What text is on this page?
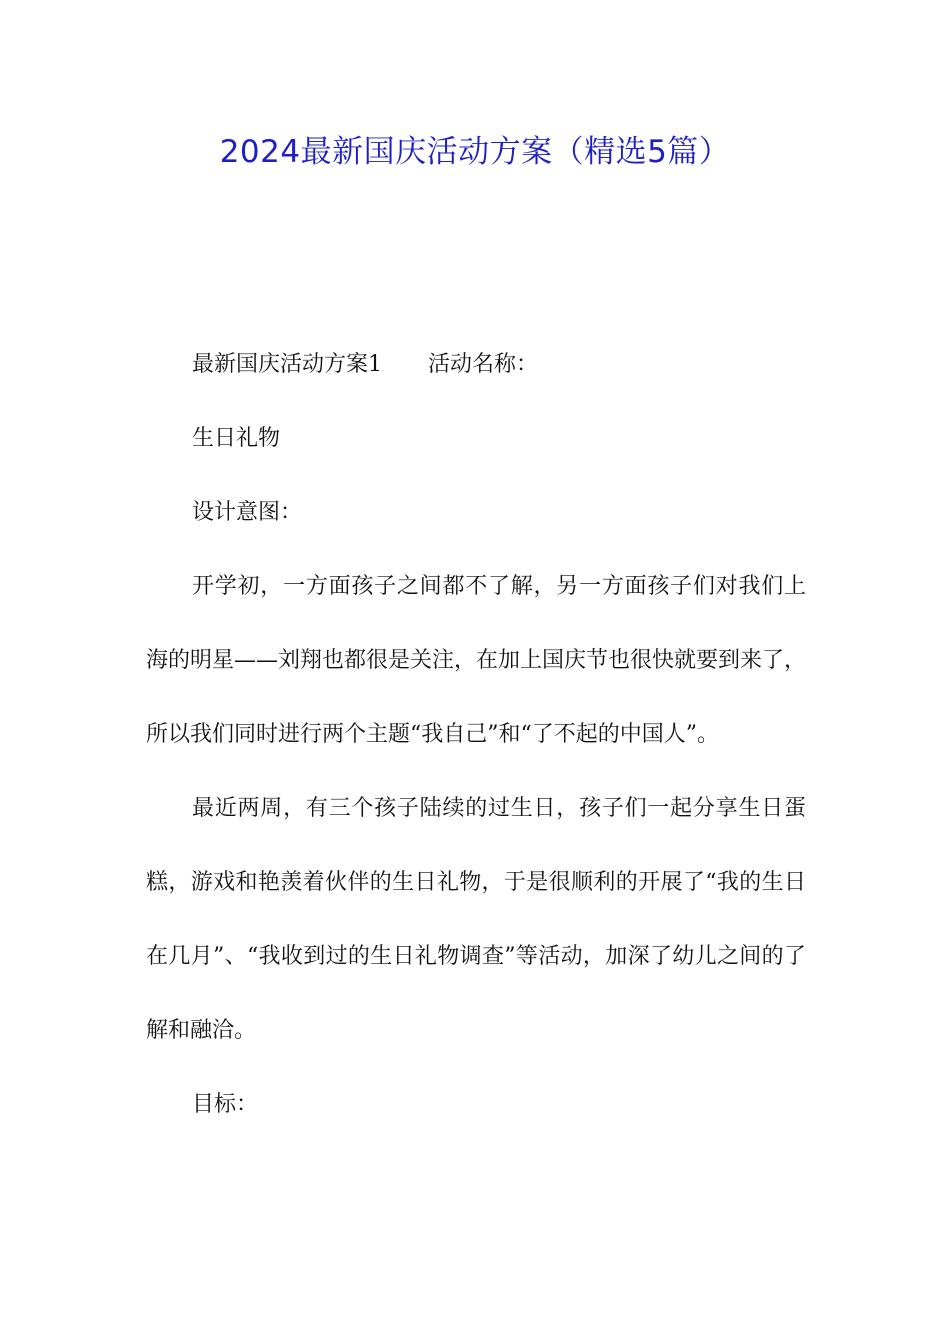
2024最新国庆活动方案（精选5篇）

最新国庆活动方案1 活动名称：

生日礼物

设计意图：

开学初，一方面孩子之间都不了解，另一方面孩子们对我们上海的明星——刘翔也都很是关注，在加上国庆节也很快就要到来了，所以我们同时进行两个主题“我自己”和“了不起的中国人”。

最近两周，有三个孩子陆续的过生日，孩子们一起分享生日蛋糕，游戏和艳羡着伙伴的生日礼物，于是很顺利的开展了“我的生日在几月”、“我收到过的生日礼物调查”等活动，加深了幼儿之间的了解和融洽。

目标：
